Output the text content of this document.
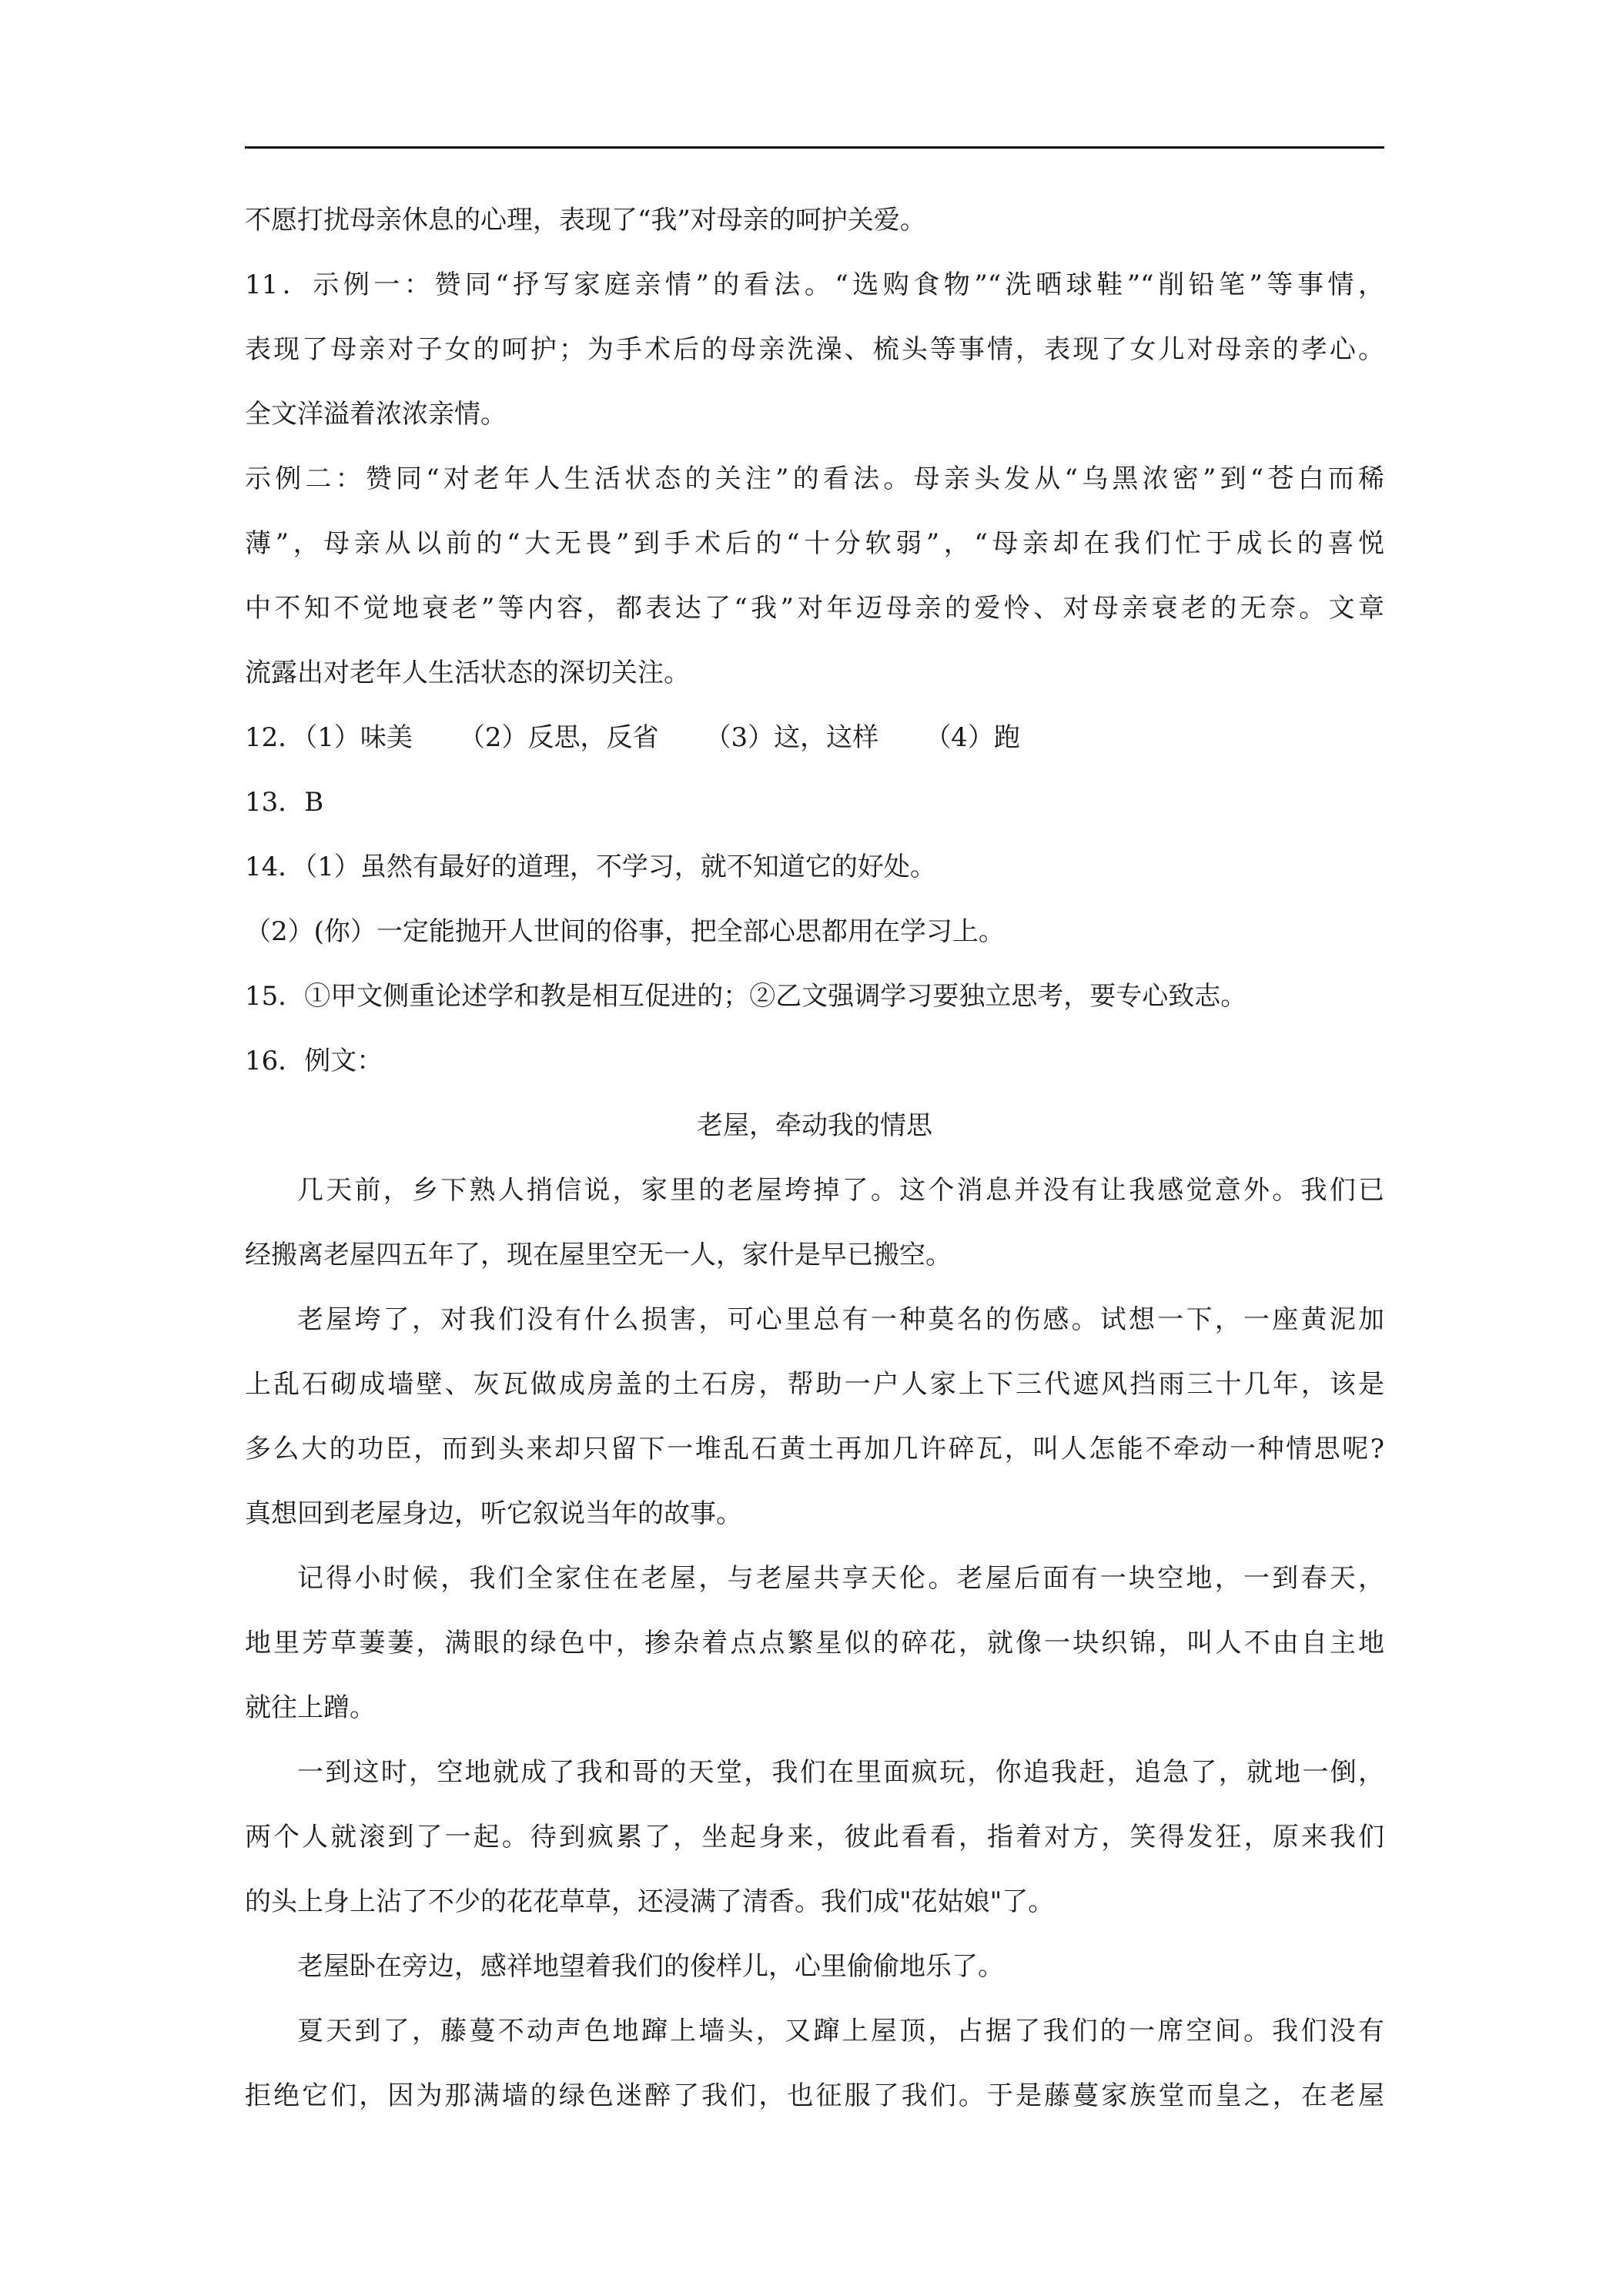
不愿打扰母亲休息的心理，表现了“我”对母亲的呵护关爱。
11．示例一：赞同“抒写家庭亲情”的看法。“选购食物”“洗晒球鞋”“削铅笔”等事情，
表现了母亲对子女的呵护；为手术后的母亲洗澡、梳头等事情，表现了女儿对母亲的孝心。
全文洋溢着浓浓亲情。
示例二：赞同“对老年人生活状态的关注”的看法。母亲头发从“乌黑浓密”到“苍白而稀
薄”，母亲从以前的“大无畏”到手术后的“十分软弱”，“母亲却在我们忙于成长的喜悦
中不知不觉地衰老”等内容，都表达了“我”对年迈母亲的爱怜、对母亲衰老的无奈。文章
流露出对老年人生活状态的深切关注。
12．（1）味美 （2）反思，反省 （3）这，这样 （4）跑
13．B
14．（1）虽然有最好的道理，不学习，就不知道它的好处。
（2）(你）一定能抛开人世间的俗事，把全部心思都用在学习上。
15．①甲文侧重论述学和教是相互促进的；②乙文强调学习要独立思考，要专心致志。
16．例文：
老屋，牵动我的情思
几天前，乡下熟人捎信说，家里的老屋垮掉了。这个消息并没有让我感觉意外。我们已
经搬离老屋四五年了，现在屋里空无一人，家什是早已搬空。
老屋垮了，对我们没有什么损害，可心里总有一种莫名的伤感。试想一下，一座黄泥加
上乱石砌成墙壁、灰瓦做成房盖的土石房，帮助一户人家上下三代遮风挡雨三十几年，该是
多么大的功臣，而到头来却只留下一堆乱石黄土再加几许碎瓦，叫人怎能不牵动一种情思呢?
真想回到老屋身边，听它叙说当年的故事。
记得小时候，我们全家住在老屋，与老屋共享天伦。老屋后面有一块空地，一到春天，
地里芳草萋萋，满眼的绿色中，掺杂着点点繁星似的碎花，就像一块织锦，叫人不由自主地
就往上蹭。
一到这时，空地就成了我和哥的天堂，我们在里面疯玩，你追我赶，追急了，就地一倒，
两个人就滚到了一起。待到疯累了，坐起身来，彼此看看，指着对方，笑得发狂，原来我们
的头上身上沾了不少的花花草草，还浸满了清香。我们成"花姑娘"了。
老屋卧在旁边，感祥地望着我们的俊样儿，心里偷偷地乐了。
夏天到了，藤蔓不动声色地蹿上墙头，又蹿上屋顶，占据了我们的一席空间。我们没有
拒绝它们，因为那满墙的绿色迷醉了我们，也征服了我们。于是藤蔓家族堂而皇之，在老屋
